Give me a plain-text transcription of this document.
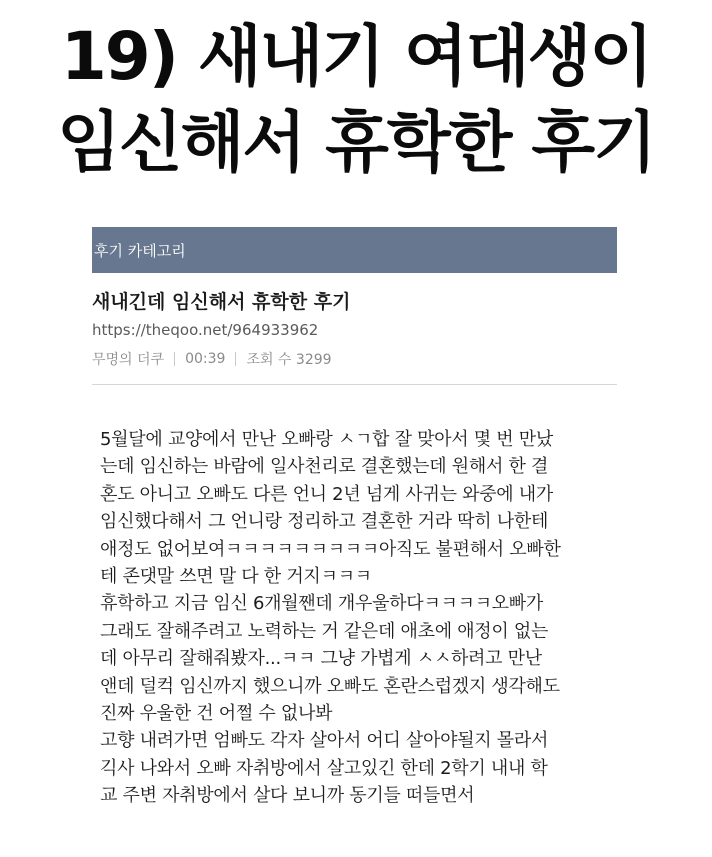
19) 새내기 여대생이
임신해서 휴학한 후기
후기 카테고리
새내긴데 임신해서 휴학한 후기
https://theqoo.net/964933962
무명의 더쿠 00:39 조회 수 3299
5월달에 교양에서 만난 오빠랑 ㅅㄱ합 잘 맞아서 몇 번 만났
는데 임신하는 바람에 일사천리로 결혼했는데 원해서 한 결
혼도 아니고 오빠도 다른 언니 2년 넘게 사귀는 와중에 내가
임신했다해서 그 언니랑 정리하고 결혼한 거라 딱히 나한테
애정도 없어보여ㅋㅋㅋㅋㅋㅋㅋㅋㅋ아직도 불편해서 오빠한
테 존댓말 쓰면 말 다 한 거지ㅋㅋㅋ
휴학하고 지금 임신 6개월짼데 개우울하다ㅋㅋㅋㅋ오빠가
그래도 잘해주려고 노력하는 거 같은데 애초에 애정이 없는
데 아무리 잘해줘봤자...ㅋㅋ 그냥 가볍게 ㅅㅅ하려고 만난
앤데 덜컥 임신까지 했으니까 오빠도 혼란스럽겠지 생각해도
진짜 우울한 건 어쩔 수 없나봐
고향 내려가면 엄빠도 각자 살아서 어디 살아야될지 몰라서
긱사 나와서 오빠 자취방에서 살고있긴 한데 2학기 내내 학
교 주변 자취방에서 살다 보니까 동기들 떠들면서
